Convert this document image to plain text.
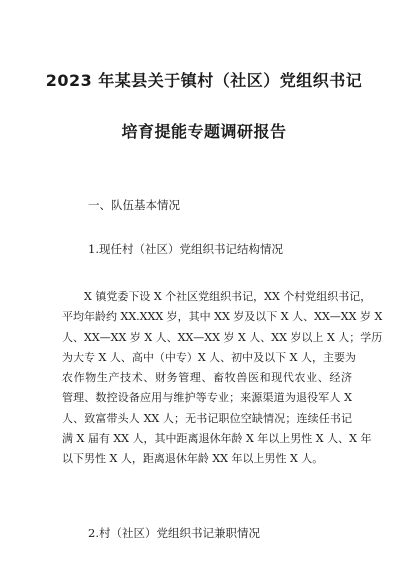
2023 年某县关于镇村（社区）党组织书记
培育提能专题调研报告

一、队伍基本情况

1.现任村（社区）党组织书记结构情况

X 镇党委下设 X 个社区党组织书记，XX 个村党组织书记，
平均年龄约 XX.XXX 岁，其中 XX 岁及以下 X 人、XX—XX 岁 X
人、XX—XX 岁 X 人、XX—XX 岁 X 人、XX 岁以上 X 人；学历
为大专 X 人、高中（中专）X 人、初中及以下 X 人，主要为
农作物生产技术、财务管理、畜牧兽医和现代农业、经济
管理、数控设备应用与维护等专业；来源渠道为退役军人 X
人、致富带头人 XX 人；无书记职位空缺情况；连续任书记
满 X 届有 XX 人，其中距离退休年龄 X 年以上男性 X 人、X 年
以下男性 X 人，距离退休年龄 XX 年以上男性 X 人。

2.村（社区）党组织书记兼职情况
